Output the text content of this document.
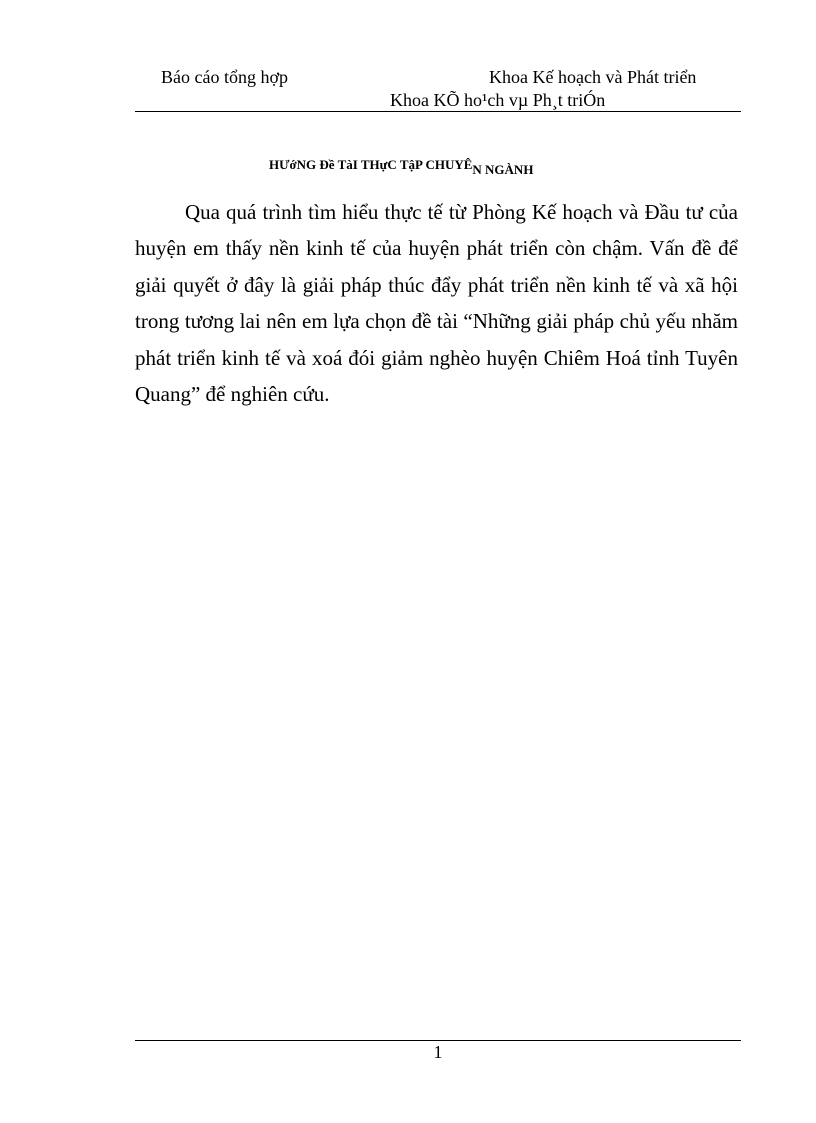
Báo cáo tổng hợp	Khoa Kế hoạch và Phát triển
Khoa KÕ ho¹ch vµ Ph¸t triÓn
HƯớNG Đề TàI THựC TậP CHUYÊN NGÀNH

Qua quá trình tìm hiểu thực tế từ Phòng Kế hoạch và Đầu tư của huyện em thấy nền kinh tế của huyện phát triển còn chậm. Vấn đề để giải quyết ở đây là giải pháp thúc đẩy phát triển nền kinh tế và xã hội trong tương lai nên em lựa chọn đề tài “Những giải pháp chủ yếu nhăm phát triển kinh tế và xoá đói giảm nghèo huyện Chiêm Hoá tỉnh Tuyên Quang” để nghiên cứu.

1
